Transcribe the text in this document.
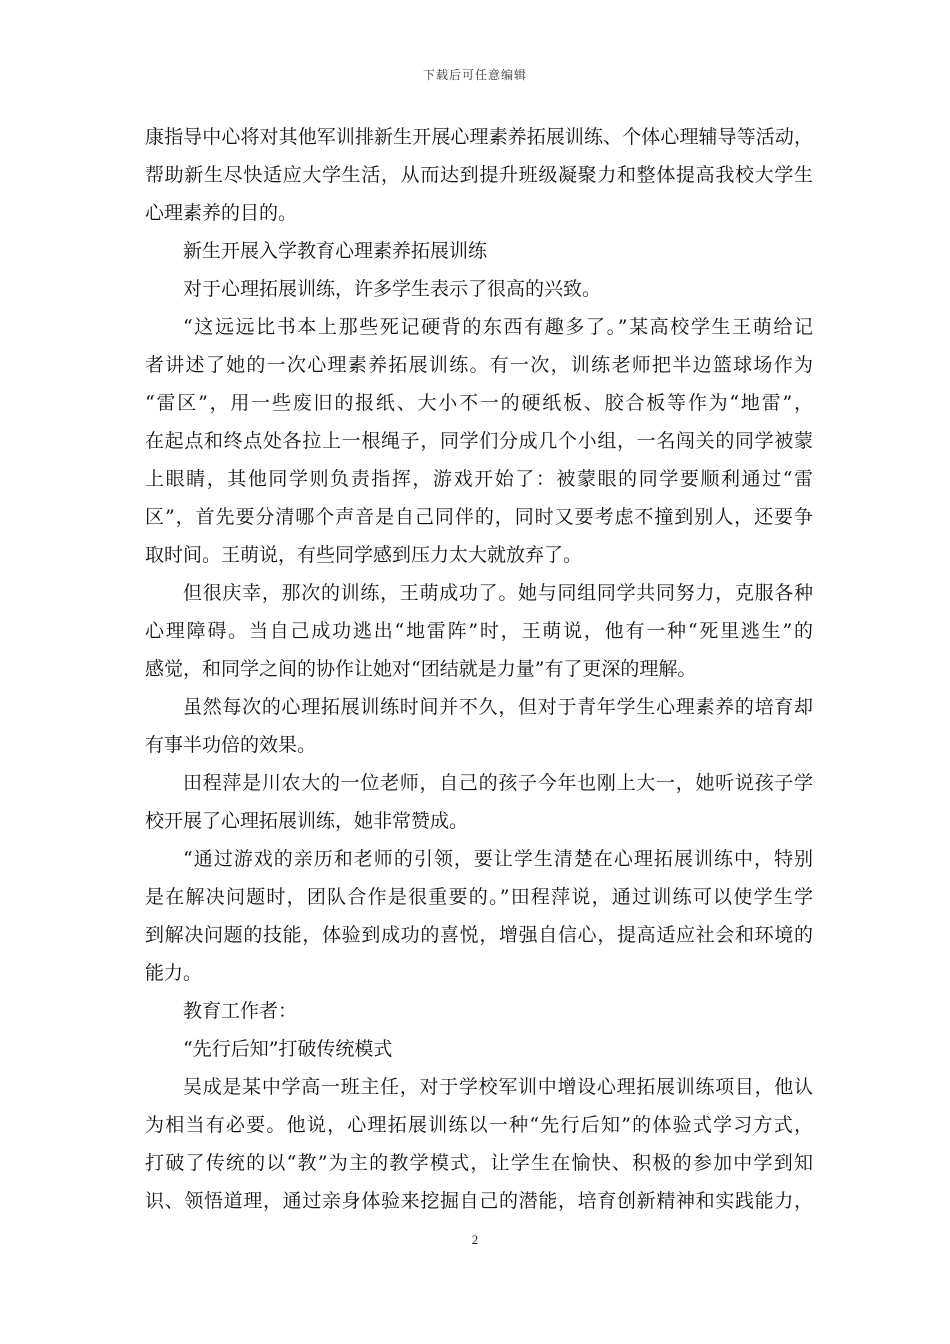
下载后可任意编辑
康指导中心将对其他军训排新生开展心理素养拓展训练、个体心理辅导等活动，
帮助新生尽快适应大学生活，从而达到提升班级凝聚力和整体提高我校大学生
心理素养的目的。
新生开展入学教育心理素养拓展训练
对于心理拓展训练，许多学生表示了很高的兴致。
“这远远比书本上那些死记硬背的东西有趣多了。”某高校学生王萌给记
者讲述了她的一次心理素养拓展训练。有一次，训练老师把半边篮球场作为
“雷区”，用一些废旧的报纸、大小不一的硬纸板、胶合板等作为“地雷”，
在起点和终点处各拉上一根绳子，同学们分成几个小组，一名闯关的同学被蒙
上眼睛，其他同学则负责指挥，游戏开始了：被蒙眼的同学要顺利通过“雷
区”，首先要分清哪个声音是自己同伴的，同时又要考虑不撞到别人，还要争
取时间。王萌说，有些同学感到压力太大就放弃了。
但很庆幸，那次的训练，王萌成功了。她与同组同学共同努力，克服各种
心理障碍。当自己成功逃出“地雷阵”时，王萌说，他有一种“死里逃生”的
感觉，和同学之间的协作让她对“团结就是力量”有了更深的理解。
虽然每次的心理拓展训练时间并不久，但对于青年学生心理素养的培育却
有事半功倍的效果。
田程萍是川农大的一位老师，自己的孩子今年也刚上大一，她听说孩子学
校开展了心理拓展训练，她非常赞成。
“通过游戏的亲历和老师的引领，要让学生清楚在心理拓展训练中，特别
是在解决问题时，团队合作是很重要的。”田程萍说，通过训练可以使学生学
到解决问题的技能，体验到成功的喜悦，增强自信心，提高适应社会和环境的
能力。
教育工作者：
“先行后知”打破传统模式
吴成是某中学高一班主任，对于学校军训中增设心理拓展训练项目，他认
为相当有必要。他说，心理拓展训练以一种“先行后知”的体验式学习方式，
打破了传统的以“教”为主的教学模式，让学生在愉快、积极的参加中学到知
识、领悟道理，通过亲身体验来挖掘自己的潜能，培育创新精神和实践能力，
2
